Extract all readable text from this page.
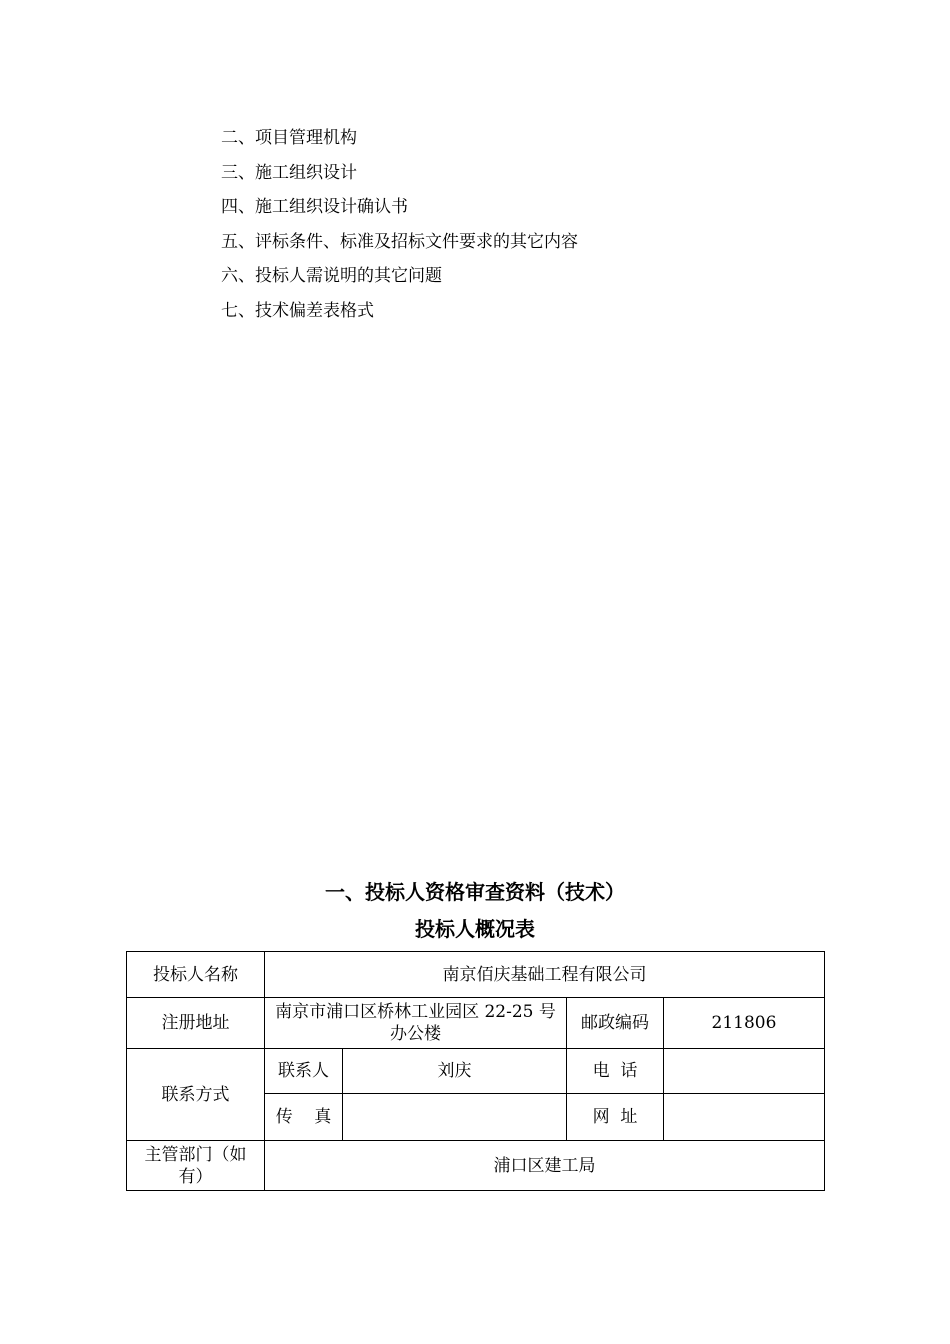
二、项目管理机构
三、施工组织设计
四、施工组织设计确认书
五、评标条件、标准及招标文件要求的其它内容
六、投标人需说明的其它问题
七、技术偏差表格式
一、投标人资格审查资料（技术）
投标人概况表
投标人名称	南京佰庆基础工程有限公司			
注册地址	南京市浦口区桥林工业园区 22-25 号办公楼		邮政编码	211806
联系方式	联系人	刘庆	电  话	
	传    真		网  址	
主管部门（如有）	浦口区建工局			
